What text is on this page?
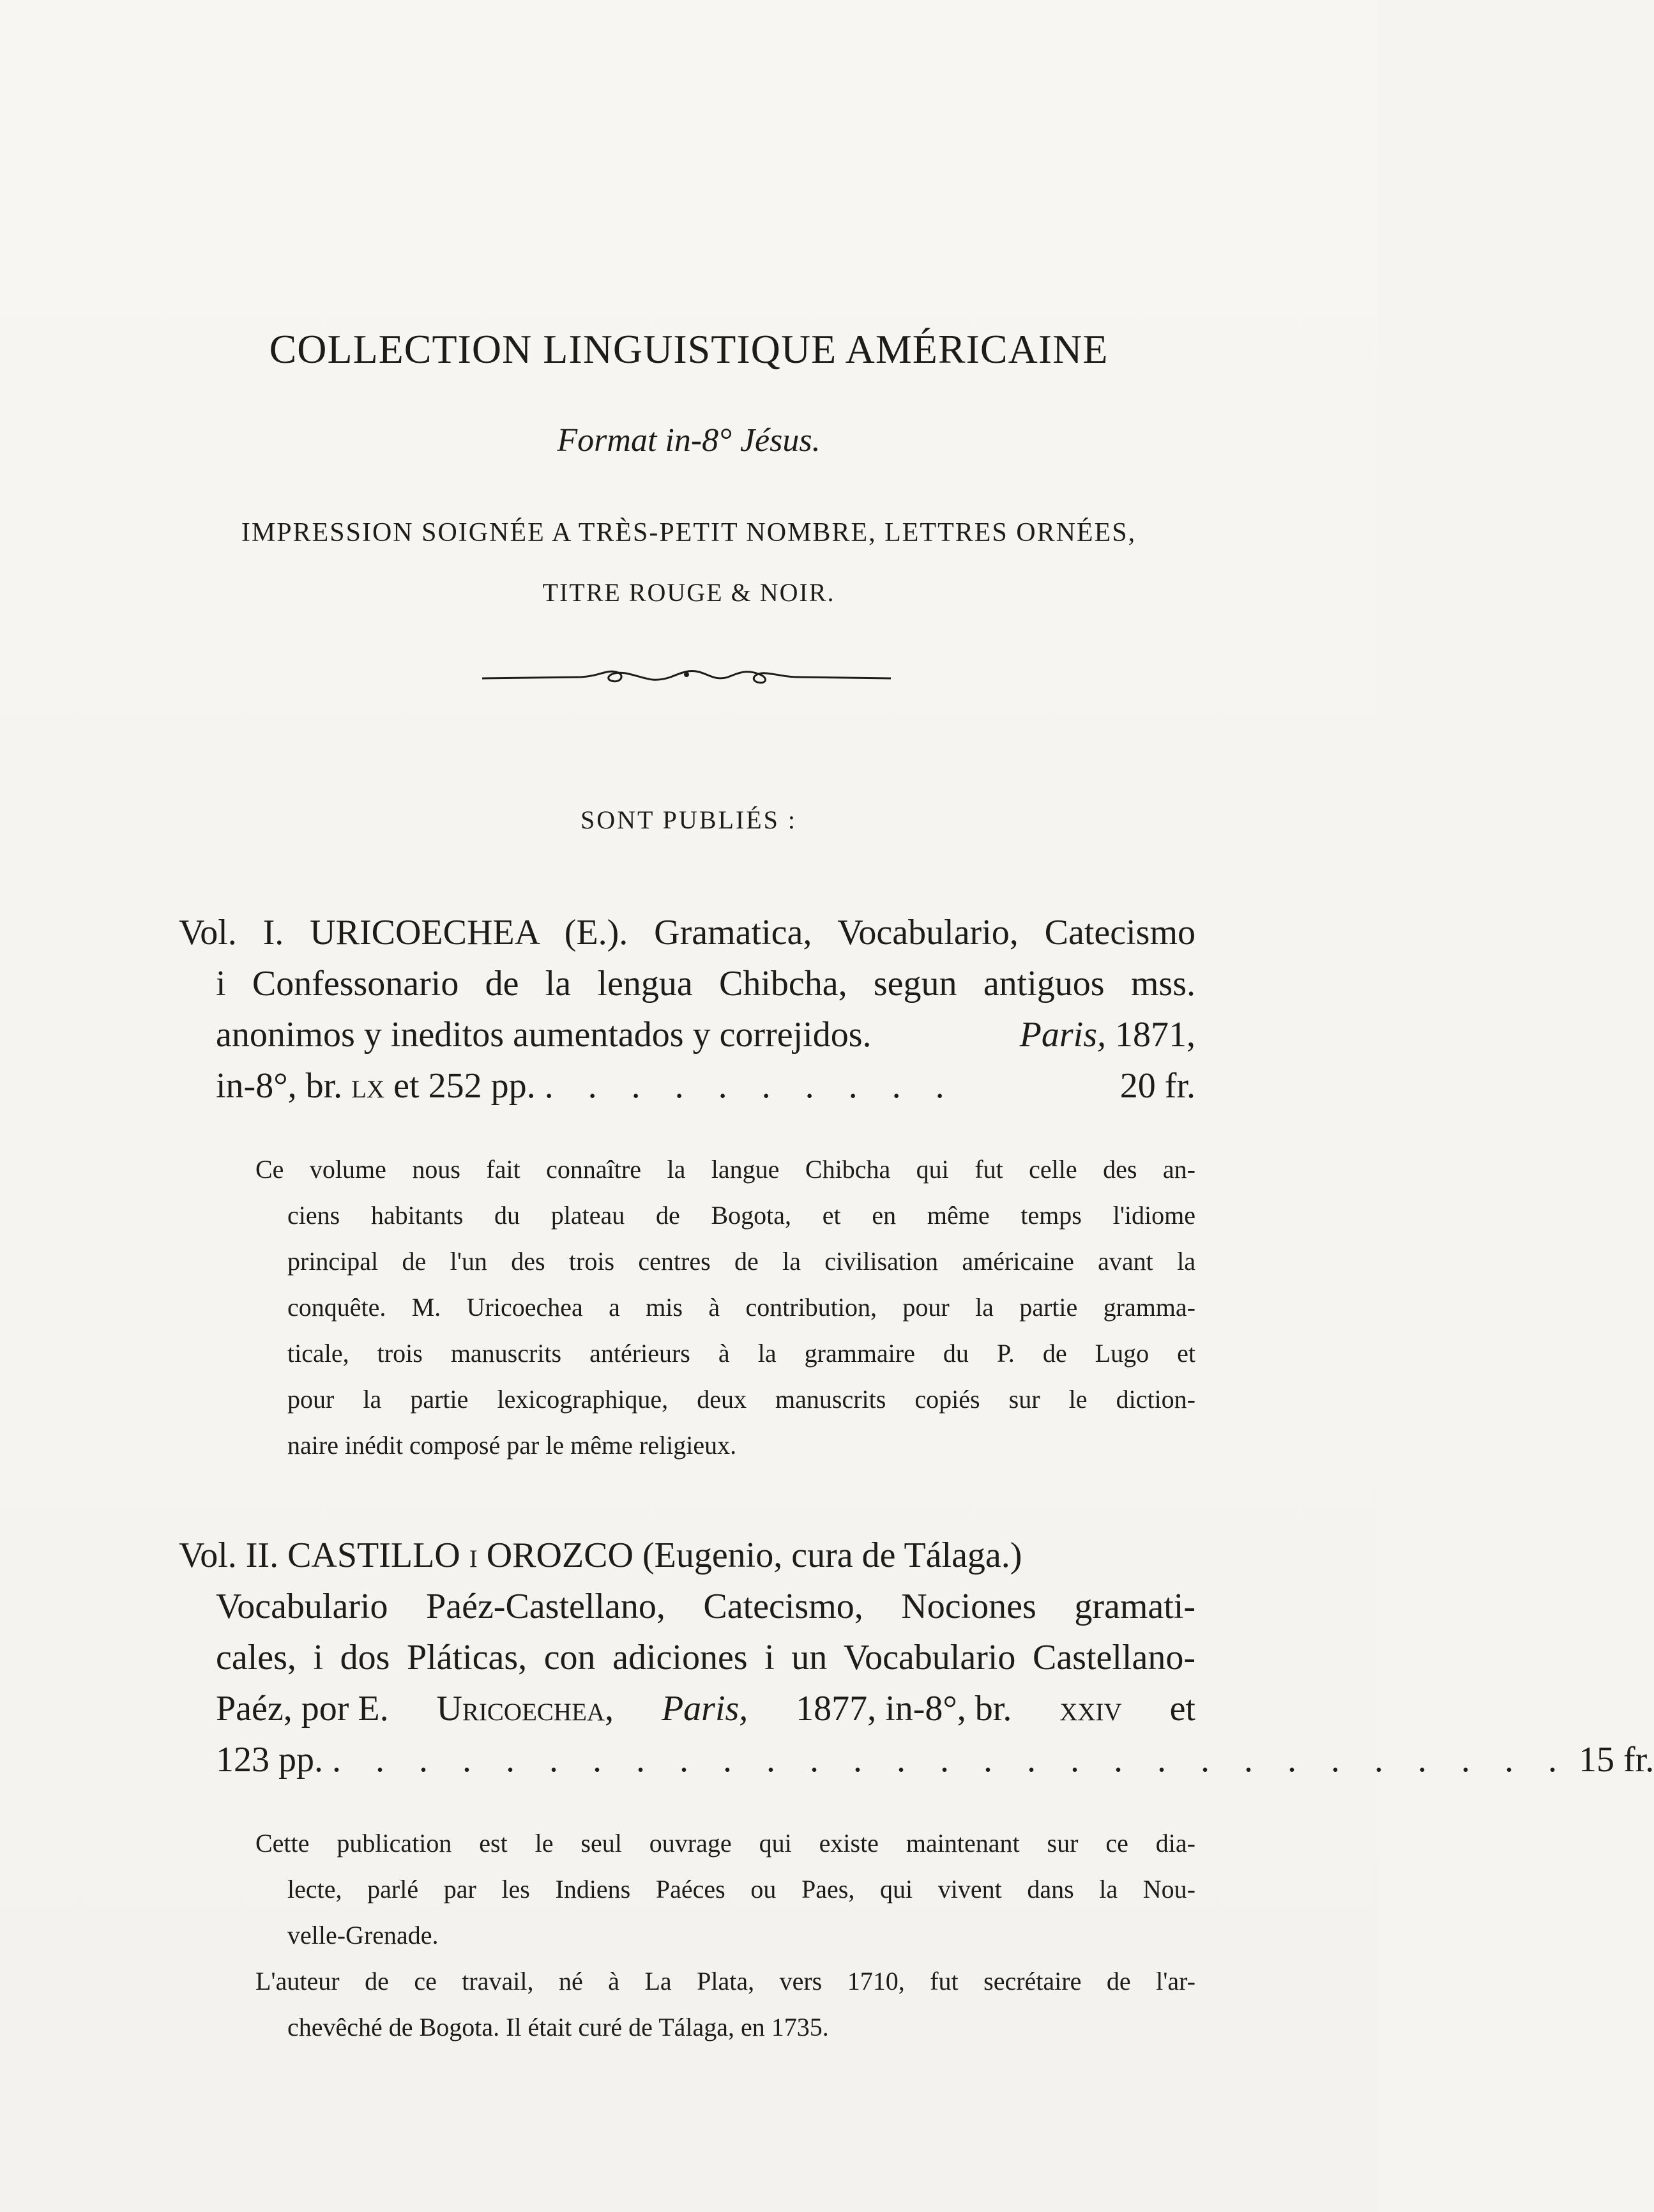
COLLECTION LINGUISTIQUE AMÉRICAINE
Format in-8° Jésus.
IMPRESSION SOIGNÉE A TRÈS-PETIT NOMBRE, LETTRES ORNÉES,
TITRE ROUGE & NOIR.
SONT PUBLIÉS :
Vol. I. URICOECHEA (E.). Gramatica, Vocabulario, Catecismo
i Confessonario de la lengua Chibcha, segun antiguos mss.
anonimos y ineditos aumentados y correjidos.	Paris, 1871,
in-8°, br.
lx
et 252 pp. . . . . . . . . . .	20 fr.
Ce volume nous fait connaître la langue Chibcha qui fut celle des an-
ciens habitants du plateau de Bogota, et en même temps l'idiome
principal de l'un des trois centres de la civilisation américaine avant la
conquête. M. Uricoechea a mis à contribution, pour la partie gramma-
ticale, trois manuscrits antérieurs à la grammaire du P. de Lugo et
pour la partie lexicographique, deux manuscrits copiés sur le diction-
naire inédit composé par le même religieux.
Vol. II. CASTILLO i OROZCO (Eugenio, cura de Tálaga.)
Vocabulario Paéz-Castellano, Catecismo, Nociones gramati-
cales, i dos Pláticas, con adiciones i un Vocabulario Castellano-
Paéz, por E. Uricoechea, Paris, 1877, in-8°, br. xxiv et
123 pp. . . . . . . . . . . . . . . . . . . . . . . . . . . . . . 15 fr.
Cette publication est le seul ouvrage qui existe maintenant sur ce dia-
lecte, parlé par les Indiens Paéces ou Paes, qui vivent dans la Nou-
velle-Grenade.
L'auteur de ce travail, né à La Plata, vers 1710, fut secrétaire de l'ar-
chevêché de Bogota. Il était curé de Tálaga, en 1735.
